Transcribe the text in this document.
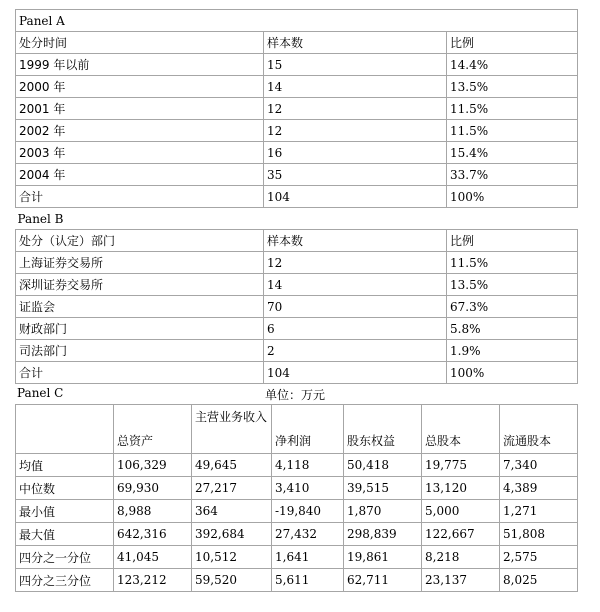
Panel A		
处分时间	样本数	比例
1999 年以前	15	14.4%
2000 年	14	13.5%
2001 年	12	11.5%
2002 年	12	11.5%
2003 年	16	15.4%
2004 年	35	33.7%
合计	104	100%
Panel B		
处分（认定）部门	样本数	比例
上海证券交易所	12	11.5%
深圳证券交易所	14	13.5%
证监会	70	67.3%
财政部门	6	5.8%
司法部门	2	1.9%
合计	104	100%
Panel C	单位：万元
	总资产	主营业务收入	净利润	股东权益	总股本	流通股本
均值	106,329	49,645	4,118	50,418	19,775	7,340
中位数	69,930	27,217	3,410	39,515	13,120	4,389
最小值	8,988	364	-19,840	1,870	5,000	1,271
最大值	642,316	392,684	27,432	298,839	122,667	51,808
四分之一分位	41,045	10,512	1,641	19,861	8,218	2,575
四分之三分位	123,212	59,520	5,611	62,711	23,137	8,025
